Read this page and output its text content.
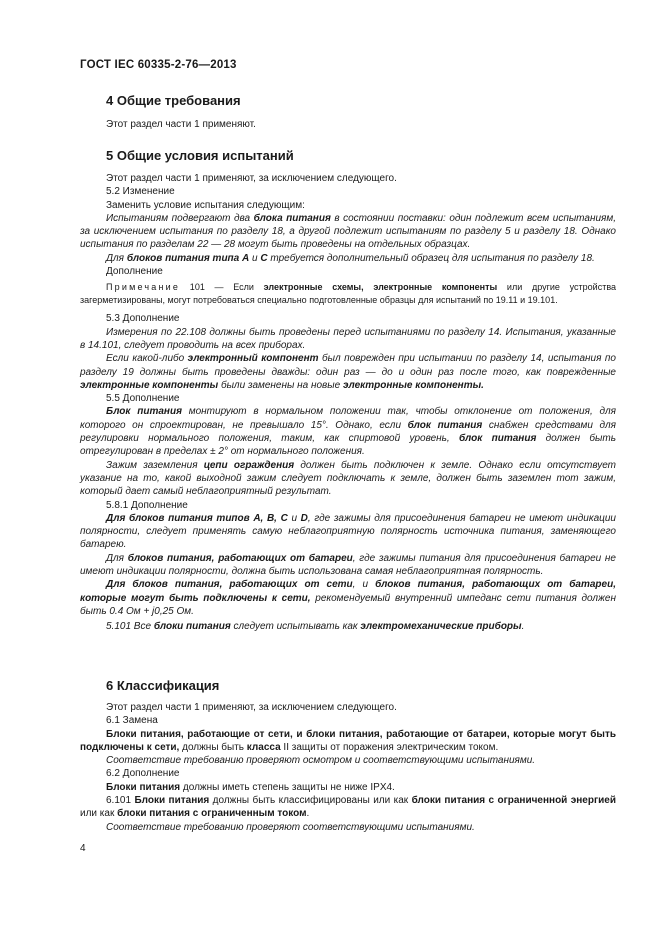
ГОСТ IEC 60335-2-76—2013
4 Общие требования
Этот раздел части 1 применяют.
5 Общие условия испытаний
Этот раздел части 1 применяют, за исключением следующего.
5.2 Изменение
Заменить условие испытания следующим:
Испытаниям подвергают два блока питания в состоянии поставки: один подлежит всем испытаниям, за исключением испытания по разделу 18, а другой подлежит испытаниям по разделу 5 и разделу 18. Однако испытания по разделам 22 — 28 могут быть проведены на отдельных образцах.
Для блоков питания типа A и C требуется дополнительный образец для испытания по разделу 18.
Дополнение
Примечание 101 — Если электронные схемы, электронные компоненты или другие устройства загерметизированы, могут потребоваться специально подготовленные образцы для испытаний по 19.11 и 19.101.
5.3 Дополнение
Измерения по 22.108 должны быть проведены перед испытаниями по разделу 14. Испытания, указанные в 14.101, следует проводить на всех приборах.
Если какой-либо электронный компонент был поврежден при испытании по разделу 14, испытания по разделу 19 должны быть проведены дважды: один раз — до и один раз после того, как поврежденные электронные компоненты были заменены на новые электронные компоненты.
5.5 Дополнение
Блок питания монтируют в нормальном положении так, чтобы отклонение от положения, для которого он спроектирован, не превышало 15°. Однако, если блок питания снабжен средствами для регулировки нормального положения, таким, как спиртовой уровень, блок питания должен быть отрегулирован в пределах ± 2° от нормального положения.
Зажим заземления цепи ограждения должен быть подключен к земле. Однако если отсутствует указание на то, какой выходной зажим следует подключать к земле, должен быть заземлен тот зажим, который дает самый неблагоприятный результат.
5.8.1 Дополнение
Для блоков питания типов A, B, C и D, где зажимы для присоединения батареи не имеют индикации полярности, следует применять самую неблагоприятную полярность источника питания, заменяющего батарею.
Для блоков питания, работающих от батареи, где зажимы питания для присоединения батареи не имеют индикации полярности, должна быть использована самая неблагоприятная полярность.
Для блоков питания, работающих от сети, и блоков питания, работающих от батареи, которые могут быть подключены к сети, рекомендуемый внутренний импеданс сети питания должен быть 0.4 Ом + j0,25 Ом.
5.101 Все блоки питания следует испытывать как электромеханические приборы.
6 Классификация
Этот раздел части 1 применяют, за исключением следующего.
6.1 Замена
Блоки питания, работающие от сети, и блоки питания, работающие от батареи, которые могут быть подключены к сети, должны быть класса II защиты от поражения электрическим током.
Соответствие требованию проверяют осмотром и соответствующими испытаниями.
6.2 Дополнение
Блоки питания должны иметь степень защиты не ниже IPX4.
6.101 Блоки питания должны быть классифицированы или как блоки питания с ограниченной энергией или как блоки питания с ограниченным током.
Соответствие требованию проверяют соответствующими испытаниями.
4
